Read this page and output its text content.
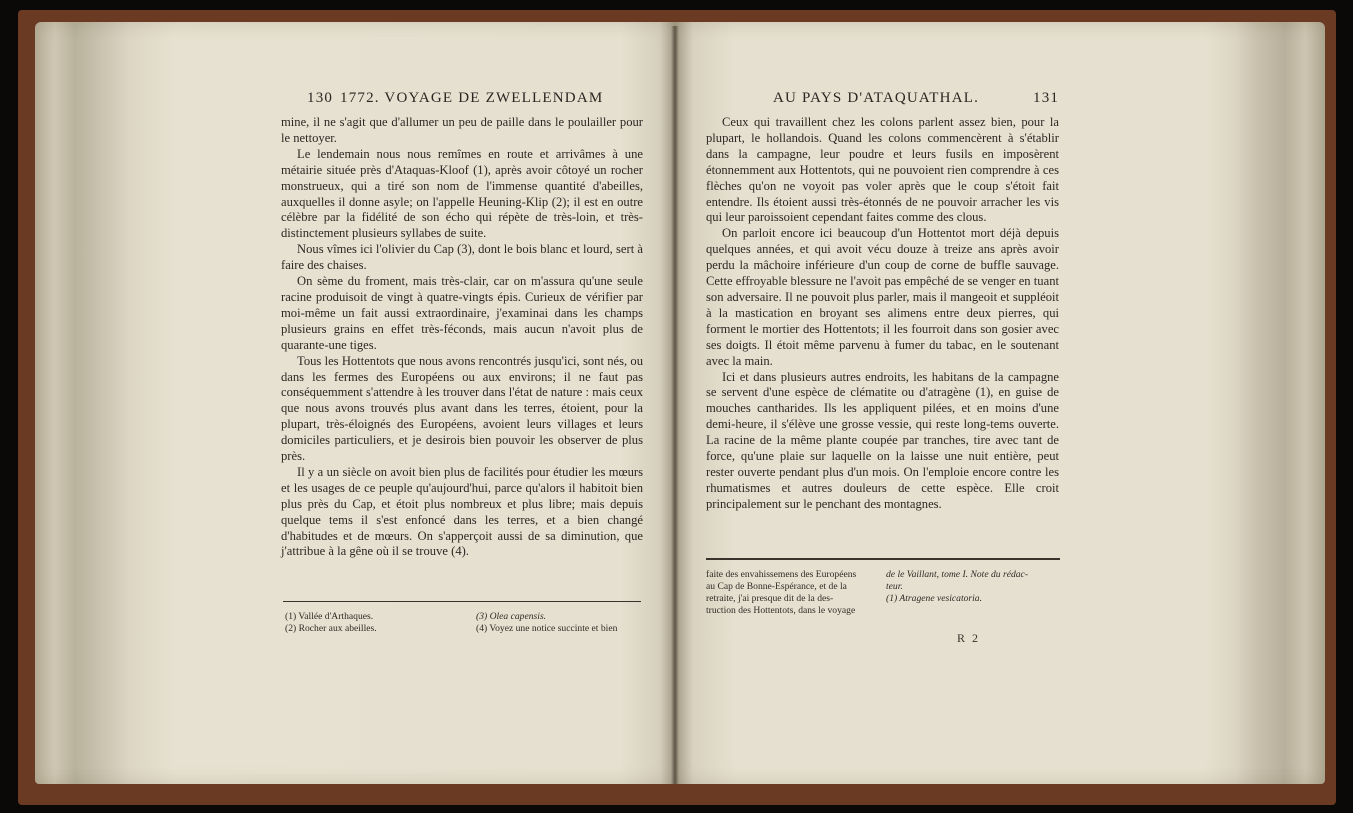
130 1772. VOYAGE DE ZWELLENDAM

mine, il ne s'agit que d'allumer un peu de paille dans le poulailler pour le nettoyer.

Le lendemain nous nous remîmes en route et arrivâmes à une métairie située près d'Ataquas-Kloof (1), après avoir côtoyé un rocher monstrueux, qui a tiré son nom de l'immense quantité d'abeilles, auxquelles il donne asyle; on l'appelle Heuning-Klip (2); il est en outre célèbre par la fidélité de son écho qui répète de très-loin, et très-distinctement plusieurs syllabes de suite.

Nous vîmes ici l'olivier du Cap (3), dont le bois blanc et lourd, sert à faire des chaises.

On sème du froment, mais très-clair, car on m'assura qu'une seule racine produisoit de vingt à quatre-vingts épis. Curieux de vérifier par moi-même un fait aussi extraordinaire, j'examinai dans les champs plusieurs grains en effet très-féconds, mais aucun n'avoit plus de quarante-une tiges.

Tous les Hottentots que nous avons rencontrés jusqu'ici, sont nés, ou dans les fermes des Européens ou aux environs; il ne faut pas conséquemment s'attendre à les trouver dans l'état de nature : mais ceux que nous avons trouvés plus avant dans les terres, étoient, pour la plupart, très-éloignés des Européens, avoient leurs villages et leurs domiciles particuliers, et je desirois bien pouvoir les observer de plus près.

Il y a un siècle on avoit bien plus de facilités pour étudier les mœurs et les usages de ce peuple qu'aujourd'hui, parce qu'alors il habitoit bien plus près du Cap, et étoit plus nombreux et plus libre; mais depuis quelque tems il s'est enfoncé dans les terres, et a bien changé d'habitudes et de mœurs. On s'apperçoit aussi de sa diminution, que j'attribue à la gêne où il se trouve (4).

(1) Vallée d'Arthaques.
(2) Rocher aux abeilles.
(3) Olea capensis.
(4) Voyez une notice succinte et bien
AU PAYS D'ATAQUATHAL.	131

Ceux qui travaillent chez les colons parlent assez bien, pour la plupart, le hollandois. Quand les colons commencèrent à s'établir dans la campagne, leur poudre et leurs fusils en imposèrent étonnemment aux Hottentots, qui ne pouvoient rien comprendre à ces flèches qu'on ne voyoit pas voler après que le coup s'étoit fait entendre. Ils étoient aussi très-étonnés de ne pouvoir arracher les vis qui leur paroissoient cependant faites comme des clous.

On parloit encore ici beaucoup d'un Hottentot mort déjà depuis quelques années, et qui avoit vécu douze à treize ans après avoir perdu la mâchoire inférieure d'un coup de corne de buffle sauvage. Cette effroyable blessure ne l'avoit pas empêché de se venger en tuant son adversaire. Il ne pouvoit plus parler, mais il mangeoit et suppléoit à la mastication en broyant ses alimens entre deux pierres, qui forment le mortier des Hottentots; il les fourroit dans son gosier avec ses doigts. Il étoit même parvenu à fumer du tabac, en le soutenant avec la main.

Ici et dans plusieurs autres endroits, les habitans de la campagne se servent d'une espèce de clématite ou d'atragène (1), en guise de mouches cantharides. Ils les appliquent pilées, et en moins d'une demi-heure, il s'élève une grosse vessie, qui reste long-tems ouverte. La racine de la même plante coupée par tranches, tire avec tant de force, qu'une plaie sur laquelle on la laisse une nuit entière, peut rester ouverte pendant plus d'un mois. On l'emploie encore contre les rhumatismes et autres douleurs de cette espèce. Elle croit principalement sur le penchant des montagnes.

faite des envahissemens des Européens
au Cap de Bonne-Espérance, et de la
retraite, j'ai presque dit de la des-
truction des Hottentots, dans le voyage
de le Vaillant, tome I. Note du rédac-
teur.
(1) Atragene vesicatoria.
R 2
